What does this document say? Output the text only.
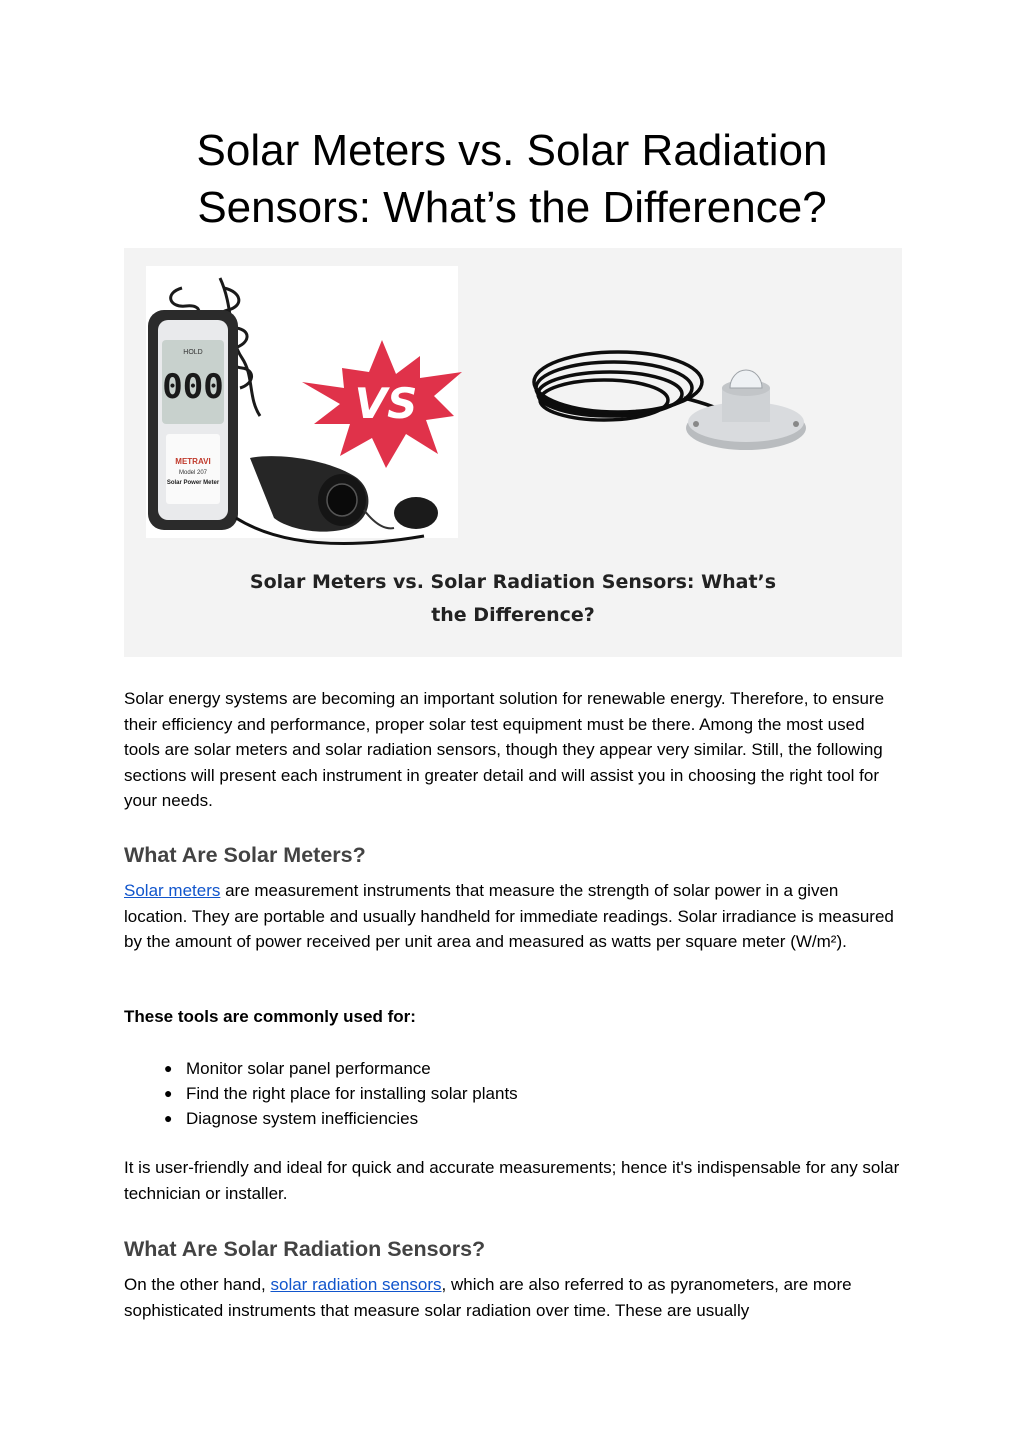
Solar Meters vs. Solar Radiation
Sensors: What’s the Difference?
HOLD
000
METRAVI
Model 207
Solar Power Meter
VS
Solar Meters vs. Solar Radiation Sensors: What’s
the Difference?

Solar energy systems are becoming an important solution for renewable energy. Therefore, to ensure their efficiency and performance, proper solar test equipment must be there. Among the most used tools are solar meters and solar radiation sensors, though they appear very similar. Still, the following sections will present each instrument in greater detail and will assist you in choosing the right tool for your needs.

What Are Solar Meters?

Solar meters are measurement instruments that measure the strength of solar power in a given location. They are portable and usually handheld for immediate readings. Solar irradiance is measured by the amount of power received per unit area and measured as watts per square meter (W/m²).

These tools are commonly used for:

● Monitor solar panel performance
● Find the right place for installing solar plants
● Diagnose system inefficiencies

It is user-friendly and ideal for quick and accurate measurements; hence it's indispensable for any solar technician or installer.

What Are Solar Radiation Sensors?

On the other hand, solar radiation sensors, which are also referred to as pyranometers, are more sophisticated instruments that measure solar radiation over time. These are usually
